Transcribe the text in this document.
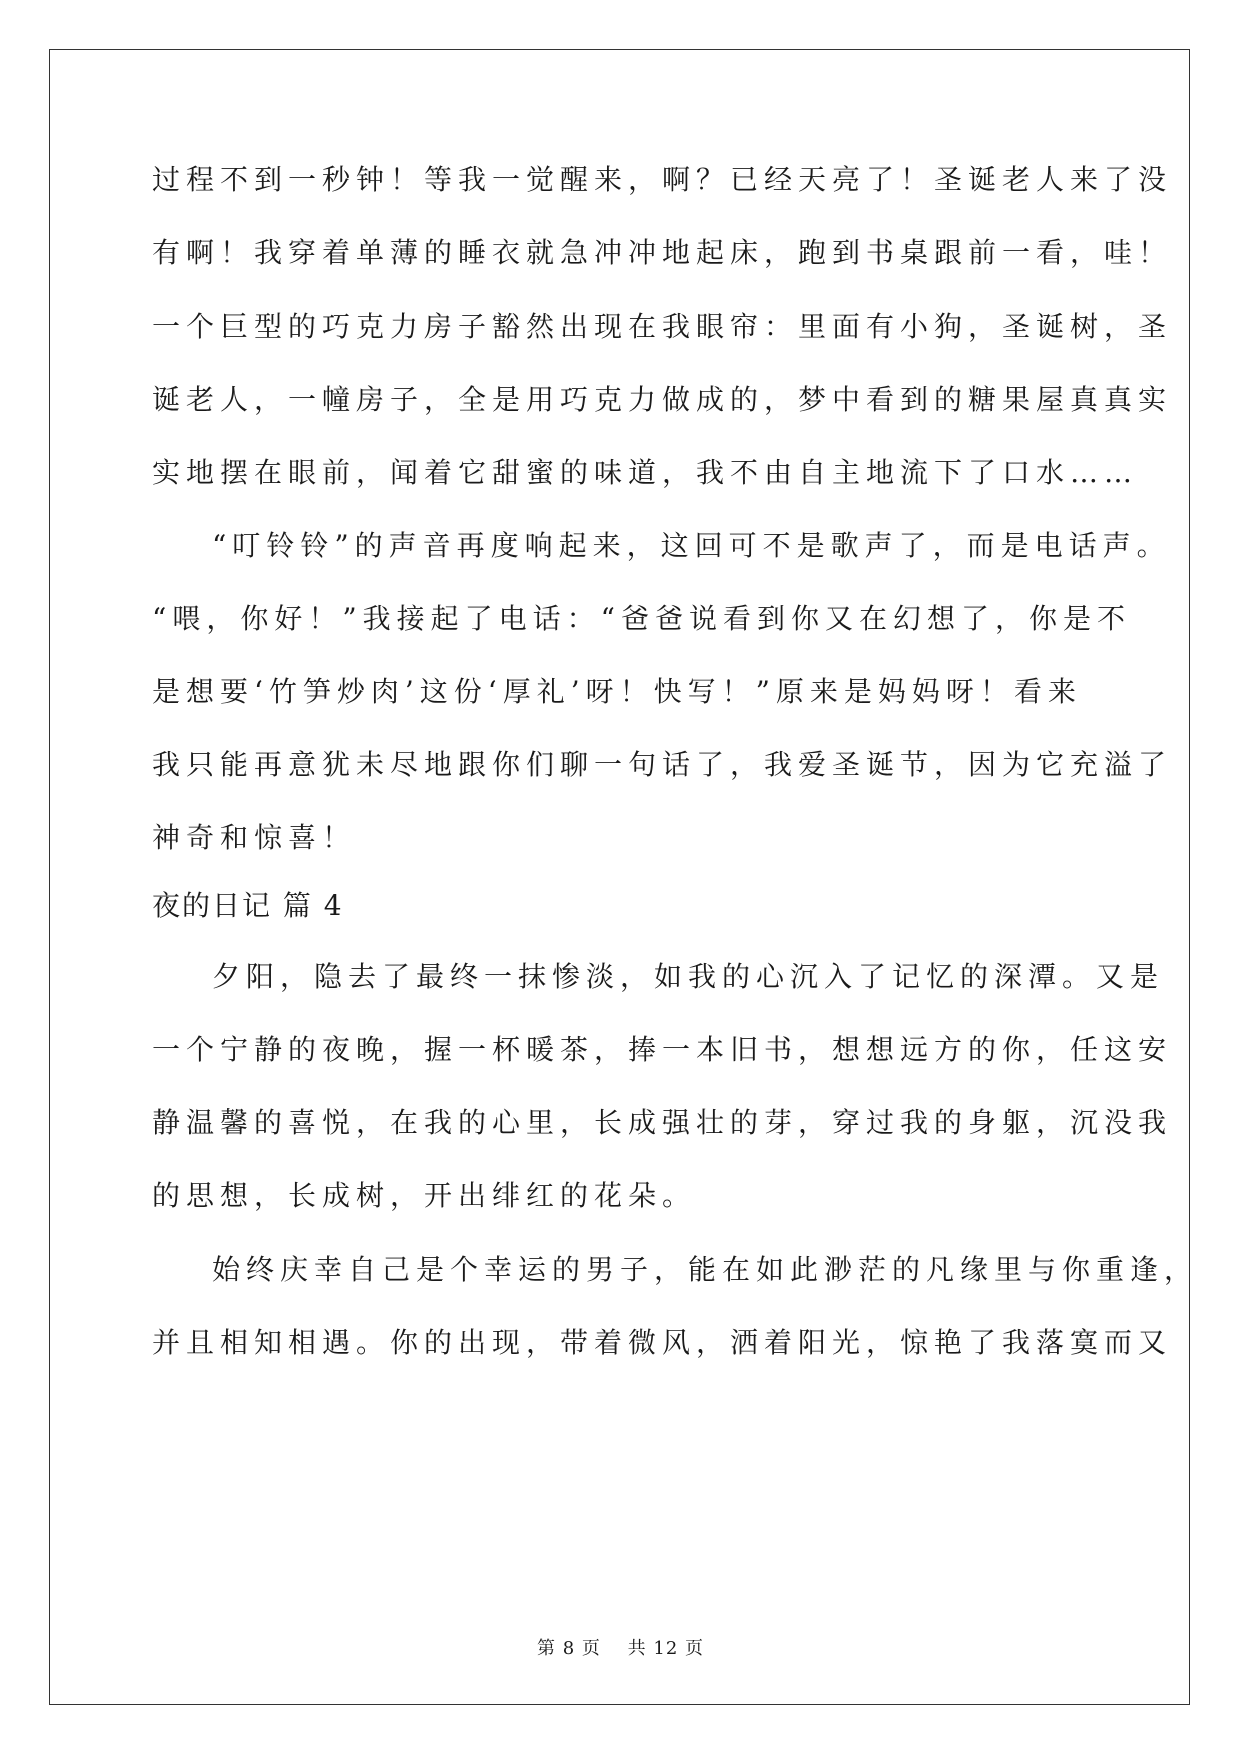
过程不到一秒钟！等我一觉醒来，啊？已经天亮了！圣诞老人来了没
有啊！我穿着单薄的睡衣就急冲冲地起床，跑到书桌跟前一看，哇！
一个巨型的巧克力房子豁然出现在我眼帘：里面有小狗，圣诞树，圣
诞老人，一幢房子，全是用巧克力做成的，梦中看到的糖果屋真真实
实地摆在眼前，闻着它甜蜜的味道，我不由自主地流下了口水……
“叮铃铃”的声音再度响起来，这回可不是歌声了，而是电话声。
“喂，你好！”我接起了电话：“爸爸说看到你又在幻想了，你是不
是想要‘竹笋炒肉’这份‘厚礼’呀！快写！”原来是妈妈呀！看来
我只能再意犹未尽地跟你们聊一句话了，我爱圣诞节，因为它充溢了
神奇和惊喜！
夜的日记 篇 4
夕阳，隐去了最终一抹惨淡，如我的心沉入了记忆的深潭。又是
一个宁静的夜晚，握一杯暖茶，捧一本旧书，想想远方的你，任这安
静温馨的喜悦，在我的心里，长成强壮的芽，穿过我的身躯，沉没我
的思想，长成树，开出绯红的花朵。
始终庆幸自己是个幸运的男子，能在如此渺茫的凡缘里与你重逢，
并且相知相遇。你的出现，带着微风，洒着阳光，惊艳了我落寞而又
第 8 页 共 12 页
